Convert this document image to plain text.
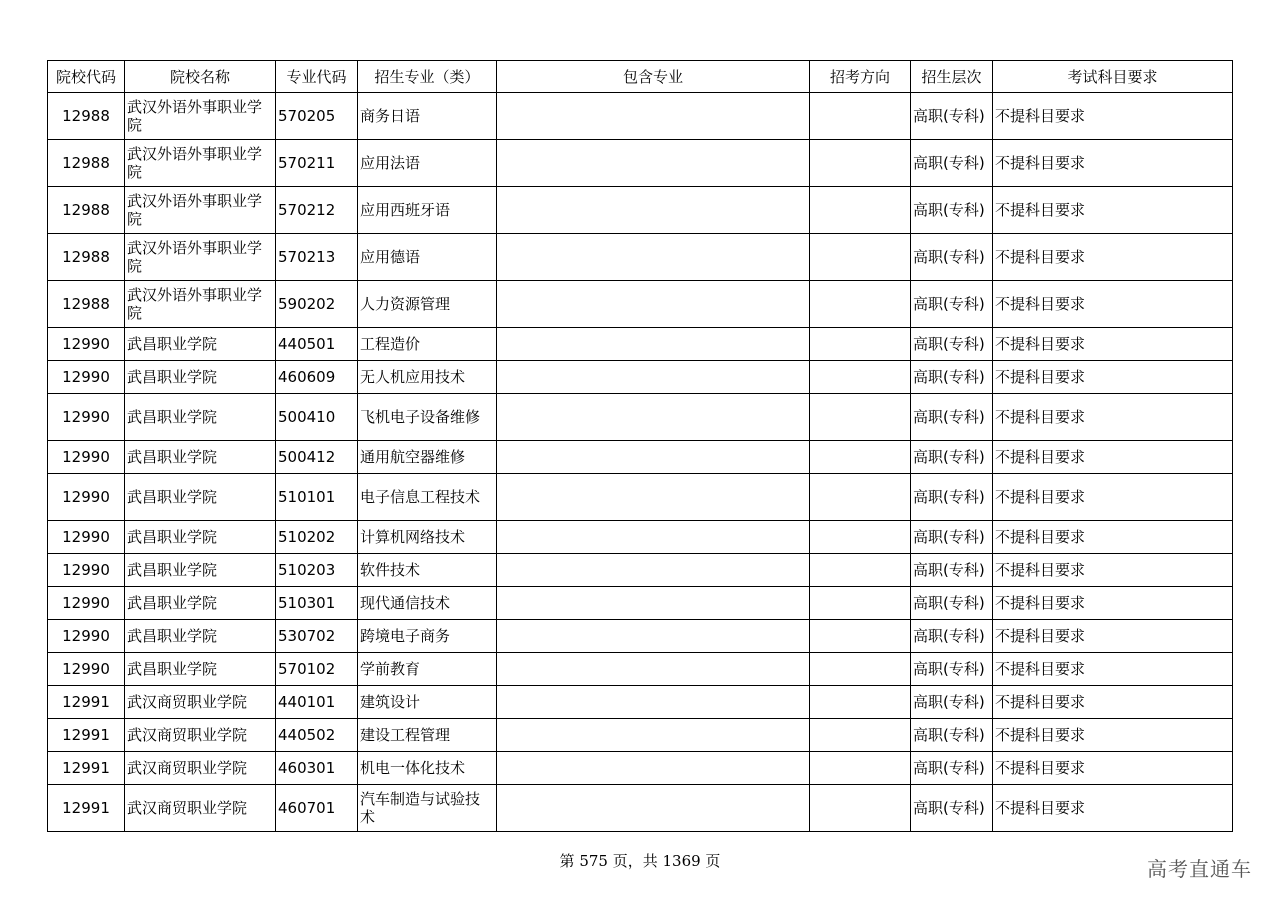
院校代码	院校名称	专业代码	招生专业（类）	包含专业	招考方向	招生层次	考试科目要求
12988	武汉外语外事职业学院	570205	商务日语			高职(专科)	不提科目要求
12988	武汉外语外事职业学院	570211	应用法语			高职(专科)	不提科目要求
12988	武汉外语外事职业学院	570212	应用西班牙语			高职(专科)	不提科目要求
12988	武汉外语外事职业学院	570213	应用德语			高职(专科)	不提科目要求
12988	武汉外语外事职业学院	590202	人力资源管理			高职(专科)	不提科目要求
12990	武昌职业学院	440501	工程造价			高职(专科)	不提科目要求
12990	武昌职业学院	460609	无人机应用技术			高职(专科)	不提科目要求
12990	武昌职业学院	500410	飞机电子设备维修			高职(专科)	不提科目要求
12990	武昌职业学院	500412	通用航空器维修			高职(专科)	不提科目要求
12990	武昌职业学院	510101	电子信息工程技术			高职(专科)	不提科目要求
12990	武昌职业学院	510202	计算机网络技术			高职(专科)	不提科目要求
12990	武昌职业学院	510203	软件技术			高职(专科)	不提科目要求
12990	武昌职业学院	510301	现代通信技术			高职(专科)	不提科目要求
12990	武昌职业学院	530702	跨境电子商务			高职(专科)	不提科目要求
12990	武昌职业学院	570102	学前教育			高职(专科)	不提科目要求
12991	武汉商贸职业学院	440101	建筑设计			高职(专科)	不提科目要求
12991	武汉商贸职业学院	440502	建设工程管理			高职(专科)	不提科目要求
12991	武汉商贸职业学院	460301	机电一体化技术			高职(专科)	不提科目要求
12991	武汉商贸职业学院	460701	汽车制造与试验技术			高职(专科)	不提科目要求
第 575 页，共 1369 页	高考直通车
